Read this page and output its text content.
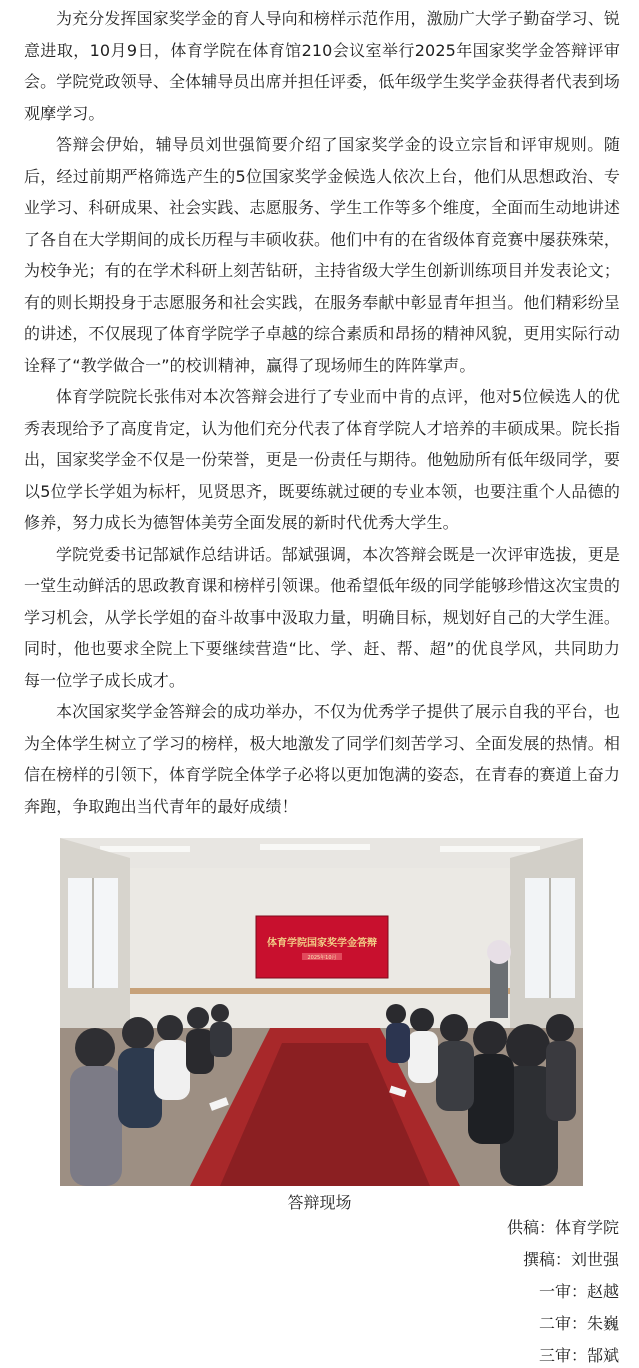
为充分发挥国家奖学金的育人导向和榜样示范作用，激励广大学子勤奋学习、锐意进取，10月9日，体育学院在体育馆210会议室举行2025年国家奖学金答辩评审会。学院党政领导、全体辅导员出席并担任评委，低年级学生奖学金获得者代表到场观摩学习。

答辩会伊始，辅导员刘世强简要介绍了国家奖学金的设立宗旨和评审规则。随后，经过前期严格筛选产生的5位国家奖学金候选人依次上台，他们从思想政治、专业学习、科研成果、社会实践、志愿服务、学生工作等多个维度，全面而生动地讲述了各自在大学期间的成长历程与丰硕收获。他们中有的在省级体育竞赛中屡获殊荣，为校争光；有的在学术科研上刻苦钻研，主持省级大学生创新训练项目并发表论文；有的则长期投身于志愿服务和社会实践，在服务奉献中彰显青年担当。他们精彩纷呈的讲述，不仅展现了体育学院学子卓越的综合素质和昂扬的精神风貌，更用实际行动诠释了“教学做合一”的校训精神，赢得了现场师生的阵阵掌声。

体育学院院长张伟对本次答辩会进行了专业而中肯的点评，他对5位候选人的优秀表现给予了高度肯定，认为他们充分代表了体育学院人才培养的丰硕成果。院长指出，国家奖学金不仅是一份荣誉，更是一份责任与期待。他勉励所有低年级同学，要以5位学长学姐为标杆，见贤思齐，既要练就过硬的专业本领，也要注重个人品德的修养，努力成长为德智体美劳全面发展的新时代优秀大学生。

学院党委书记郜斌作总结讲话。郜斌强调，本次答辩会既是一次评审选拔，更是一堂生动鲜活的思政教育课和榜样引领课。他希望低年级的同学能够珍惜这次宝贵的学习机会，从学长学姐的奋斗故事中汲取力量，明确目标，规划好自己的大学生涯。同时，他也要求全院上下要继续营造“比、学、赶、帮、超”的优良学风，共同助力每一位学子成长成才。

本次国家奖学金答辩会的成功举办，不仅为优秀学子提供了展示自我的平台，也为全体学生树立了学习的榜样，极大地激发了同学们刻苦学习、全面发展的热情。相信在榜样的引领下，体育学院全体学子必将以更加饱满的姿态，在青春的赛道上奋力奔跑，争取跑出当代青年的最好成绩！

体育学院国家奖学金答辩
2025年10月
答辩现场
供稿：体育学院
撰稿：刘世强
一审：赵越
二审：朱巍
三审：郜斌
